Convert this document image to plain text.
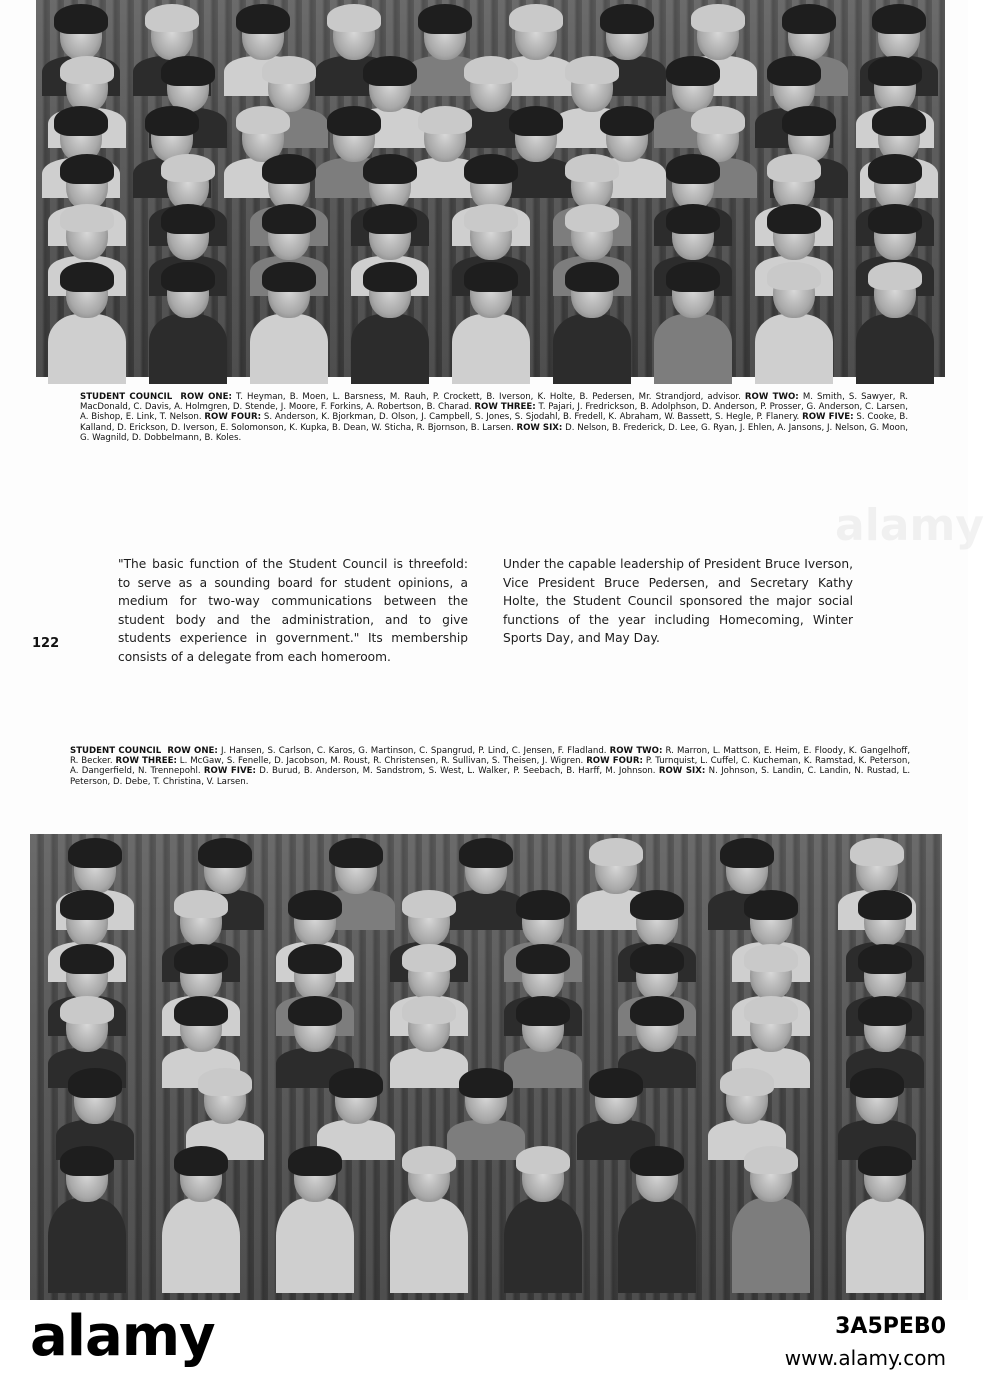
STUDENT COUNCIL ROW ONE: T. Heyman, B. Moen, L. Barsness, M. Rauh, P. Crockett, B. Iverson, K. Holte, B. Pedersen, Mr. Strandjord, advisor. ROW TWO: M. Smith, S. Sawyer, R. MacDonald, C. Davis, A. Holmgren, D. Stende, J. Moore, F. Forkins, A. Robertson, B. Charad. ROW THREE: T. Pajari, J. Fredrickson, B. Adolphson, D. Anderson, P. Prosser, G. Anderson, C. Larsen, A. Bishop, E. Link, T. Nelson. ROW FOUR: S. Anderson, K. Bjorkman, D. Olson, J. Campbell, S. Jones, S. Sjodahl, B. Fredell, K. Abraham, W. Bassett, S. Hegle, P. Flanery. ROW FIVE: S. Cooke, B. Kalland, D. Erickson, D. Iverson, E. Solomonson, K. Kupka, B. Dean, W. Sticha, R. Bjornson, B. Larsen. ROW SIX: D. Nelson, B. Frederick, D. Lee, G. Ryan, J. Ehlen, A. Jansons, J. Nelson, G. Moon, G. Wagnild, D. Dobbelmann, B. Koles.
"The basic function of the Student Council is threefold: to serve as a sounding board for student opinions, a medium for two-way communications between the student body and the administration, and to give students experience in government." Its membership consists of a delegate from each homeroom.
Under the capable leadership of President Bruce Iverson, Vice President Bruce Pedersen, and Secretary Kathy Holte, the Student Council sponsored the major social functions of the year including Homecoming, Winter Sports Day, and May Day.
122
STUDENT COUNCIL ROW ONE: J. Hansen, S. Carlson, C. Karos, G. Martinson, C. Spangrud, P. Lind, C. Jensen, F. Fladland. ROW TWO: R. Marron, L. Mattson, E. Heim, E. Floody, K. Gangelhoff, R. Becker. ROW THREE: L. McGaw, S. Fenelle, D. Jacobson, M. Roust, R. Christensen, R. Sullivan, S. Theisen, J. Wigren. ROW FOUR: P. Turnquist, L. Cuffel, C. Kucheman, K. Ramstad, K. Peterson, A. Dangerfield, N. Trennepohl. ROW FIVE: D. Burud, B. Anderson, M. Sandstrom, S. West, L. Walker, P. Seebach, B. Harff, M. Johnson. ROW SIX: N. Johnson, S. Landin, C. Landin, N. Rustad, L. Peterson, D. Debe, T. Christina, V. Larsen.
alamy	3A5PEB0
www.alamy.com
alamy
